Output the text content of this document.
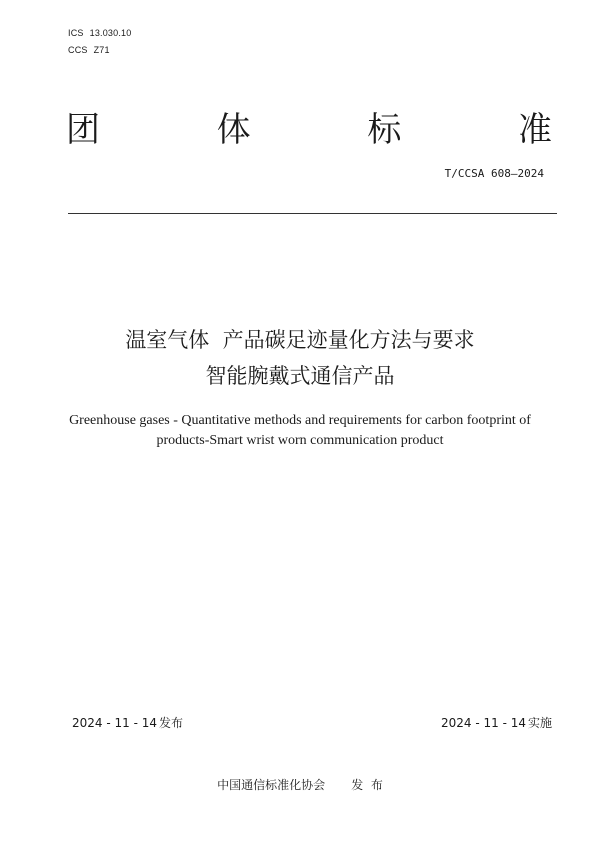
ICS 13.030.10
CCS Z71
团	体	标	准
T/CCSA 608—2024
温室气体  产品碳足迹量化方法与要求
智能腕戴式通信产品
Greenhouse gases - Quantitative methods and requirements for carbon footprint of
products-Smart wrist worn communication product
2024 - 11 - 14 发布	2024 - 11 - 14 实施
中国通信标准化协会 发  布
